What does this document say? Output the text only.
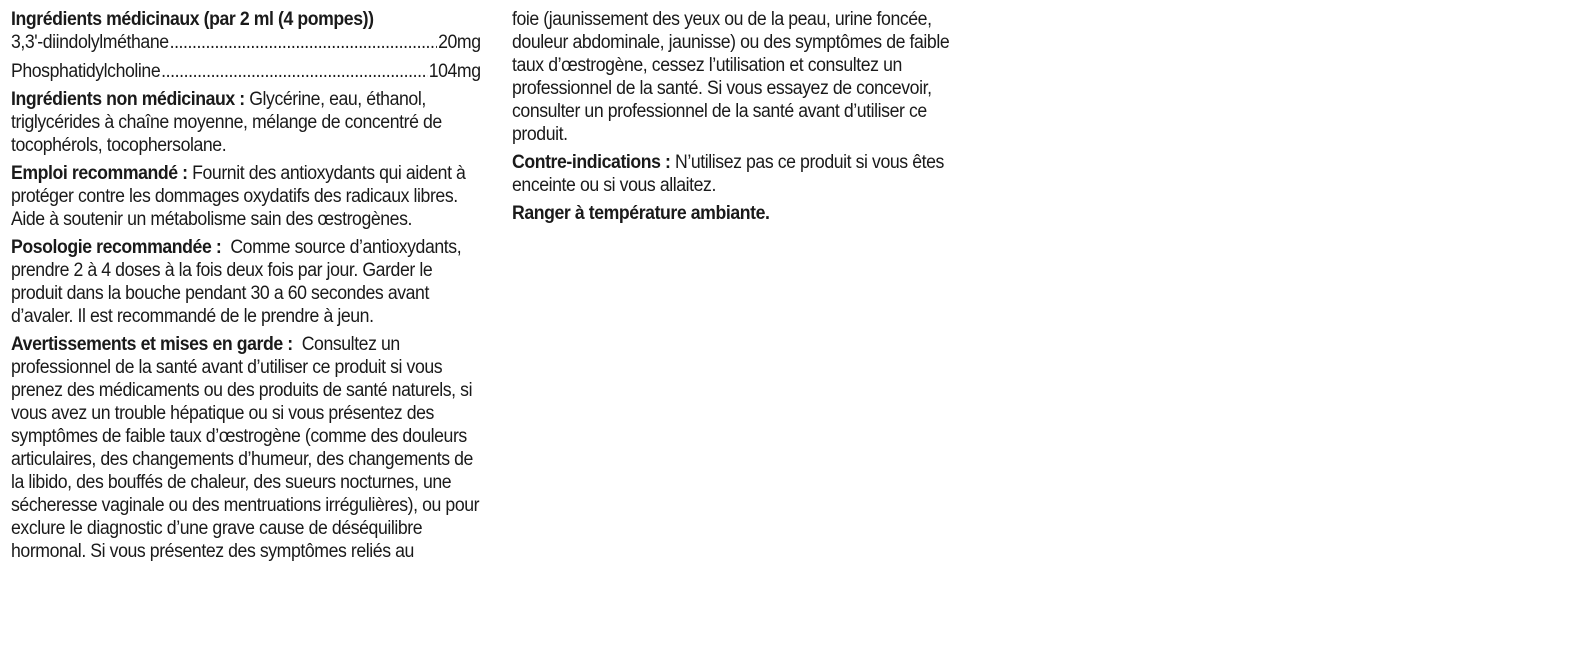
Ingrédients médicinaux (par 2 ml (4 pompes))
3,3'-diindolylméthane .....	20mg
Phosphatidylcholine .....	104mg
Ingrédients non médicinaux : Glycérine, eau, éthanol, triglycérides à chaîne moyenne, mélange de concentré de tocophérols, tocophersolane.
Emploi recommandé : Fournit des antioxydants qui aident à protéger contre les dommages oxydatifs des radicaux libres. Aide à soutenir un métabolisme sain des œstrogènes.
Posologie recommandée :  Comme source d’antioxydants, prendre 2 à 4 doses à la fois deux fois par jour. Garder le produit dans la bouche pendant 30 a 60 secondes avant d’avaler. Il est recommandé de le prendre à jeun.
Avertissements et mises en garde :  Consultez un professionnel de la santé avant d’utiliser ce produit si vous prenez des médicaments ou des produits de santé naturels, si vous avez un trouble hépatique ou si vous présentez des symptômes de faible taux d’œstrogène (comme des douleurs articulaires, des changements d’humeur, des changements de la libido, des bouffés de chaleur, des sueurs nocturnes, une sécheresse vaginale ou des mentruations irrégulières), ou pour exclure le diagnostic d’une grave cause de déséquilibre hormonal. Si vous présentez des symptômes reliés au
foie (jaunissement des yeux ou de la peau, urine foncée, douleur abdominale, jaunisse) ou des symptômes de faible taux d’œstrogène, cessez l’utilisation et consultez un professionnel de la santé. Si vous essayez de concevoir, consulter un professionnel de la santé avant d’utiliser ce produit.
Contre-indications : N’utilisez pas ce produit si vous êtes enceinte ou si vous allaitez.
Ranger à température ambiante.
